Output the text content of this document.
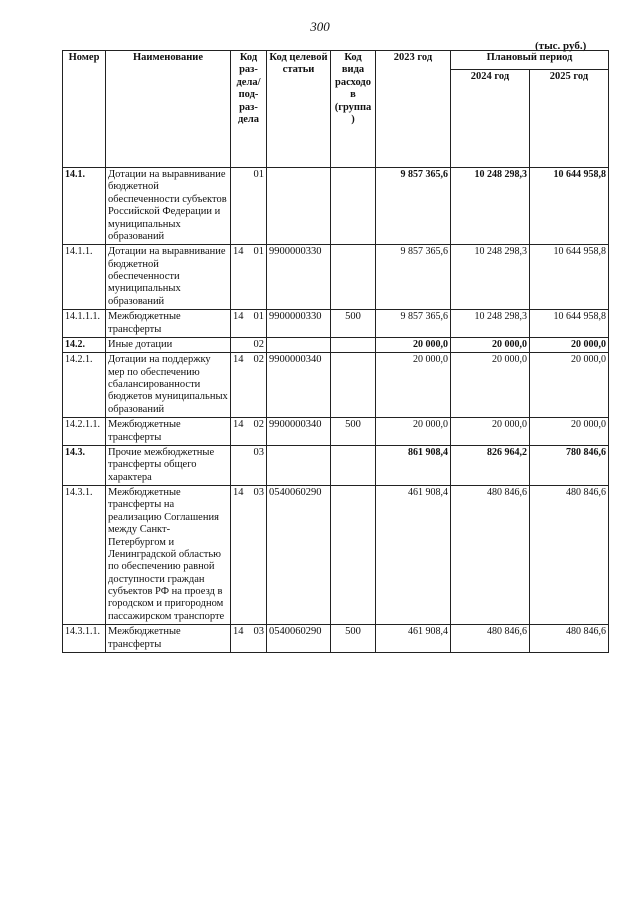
300
(тыс. руб.)
Номер	Наименование	Код раз-дела/ под-раз-дела	Код целевой статьи	Код вида расходов (группа)	2023 год	Плановый период	
						2024 год	2025 год
14.1.	Дотации на выравнивание бюджетной обеспеченности субъектов Российской Федерации и муниципальных образований	01			9 857 365,6	10 248 298,3	10 644 958,8
14.1.1.	Дотации на выравнивание бюджетной обеспеченности муниципальных образований	14 01	9900000330		9 857 365,6	10 248 298,3	10 644 958,8
14.1.1.1.	Межбюджетные трансферты	14 01	9900000330	500	9 857 365,6	10 248 298,3	10 644 958,8
14.2.	Иные дотации	02			20 000,0	20 000,0	20 000,0
14.2.1.	Дотации на поддержку мер по обеспечению сбалансированности бюджетов муниципальных образований	14 02	9900000340		20 000,0	20 000,0	20 000,0
14.2.1.1.	Межбюджетные трансферты	14 02	9900000340	500	20 000,0	20 000,0	20 000,0
14.3.	Прочие межбюджетные трансферты общего характера	03			861 908,4	826 964,2	780 846,6
14.3.1.	Межбюджетные трансферты на реализацию Соглашения между Санкт-Петербургом и Ленинградской областью по обеспечению равной доступности граждан субъектов РФ на проезд в городском и пригородном пассажирском транспорте	14 03	0540060290		461 908,4	480 846,6	480 846,6
14.3.1.1.	Межбюджетные трансферты	14 03	0540060290	500	461 908,4	480 846,6	480 846,6
